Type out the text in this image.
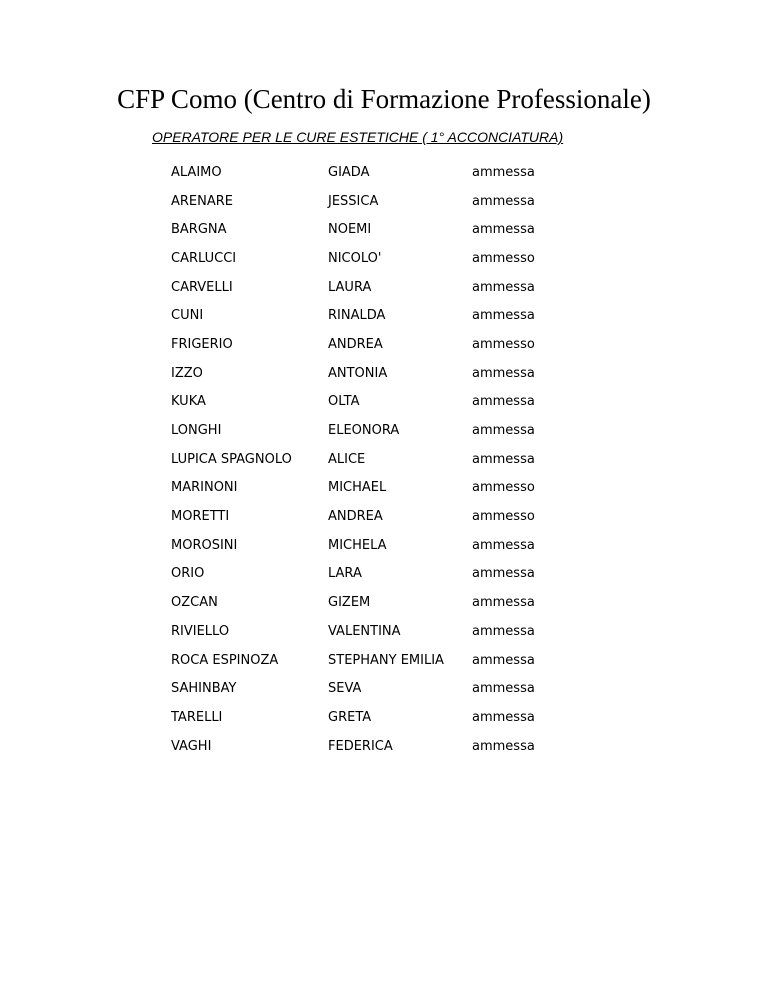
CFP Como (Centro di Formazione Professionale)
OPERATORE PER LE CURE ESTETICHE ( 1° ACCONCIATURA)
ALAIMO	GIADA	ammessa
ARENARE	JESSICA	ammessa
BARGNA	NOEMI	ammessa
CARLUCCI	NICOLO'	ammesso
CARVELLI	LAURA	ammessa
CUNI	RINALDA	ammessa
FRIGERIO	ANDREA	ammesso
IZZO	ANTONIA	ammessa
KUKA	OLTA	ammessa
LONGHI	ELEONORA	ammessa
LUPICA SPAGNOLO	ALICE	ammessa
MARINONI	MICHAEL	ammesso
MORETTI	ANDREA	ammesso
MOROSINI	MICHELA	ammessa
ORIO	LARA	ammessa
OZCAN	GIZEM	ammessa
RIVIELLO	VALENTINA	ammessa
ROCA ESPINOZA	STEPHANY EMILIA	ammessa
SAHINBAY	SEVA	ammessa
TARELLI	GRETA	ammessa
VAGHI	FEDERICA	ammessa
